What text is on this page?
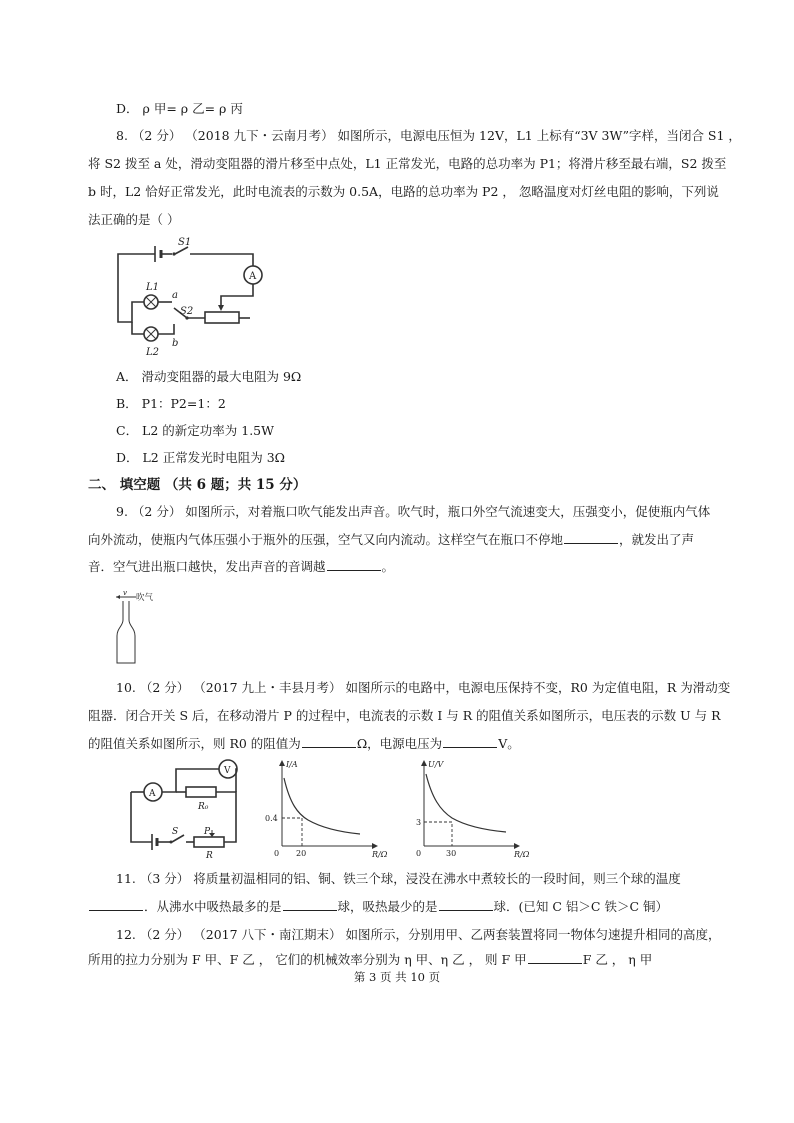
D． ρ 甲= ρ 乙= ρ 丙
8. （2 分） （2018 九下・云南月考） 如图所示，电源电压恒为 12V，L1 上标有“3V 3W”字样，当闭合 S1 ，
将 S2 拨至 a 处，滑动变阻器的滑片移至中点处，L1 正常发光，电路的总功率为 P1；将滑片移至最右端，S2 拨至
b 时，L2 恰好正常发光，此时电流表的示数为 0.5A，电路的总功率为 P2 ， 忽略温度对灯丝电阻的影响，下列说
法正确的是（ ）
S1
A
S2
L1
a
b
L2
A． 滑动变阻器的最大电阻为 9Ω
B． P1：P2=1：2
C． L2 的新定功率为 1.5W
D． L2 正常发光时电阻为 3Ω
二、 填空题 （共 6 题；共 15 分）
9. （2 分） 如图所示，对着瓶口吹气能发出声音。吹气时，瓶口外空气流速变大，压强变小，促使瓶内气体
向外流动，使瓶内气体压强小于瓶外的压强，空气又向内流动。这样空气在瓶口不停地	，就发出了声
音．空气进出瓶口越快，发出声音的音调越	。
v 吹气
10. （2 分） （2017 九上・丰县月考） 如图所示的电路中，电源电压保持不变，R0 为定值电阻，R 为滑动变
阻器．闭合开关 S 后，在移动滑片 P 的过程中，电流表的示数 I 与 R 的阻值关系如图所示，电压表的示数 U 与 R
的阻值关系如图所示，则 R0 的阻值为	Ω，电源电压为	V。
A
V
R₀
S	P
R
I/A
R/Ω
0
0.4
20
U/V
R/Ω
0
3
30
11. （3 分） 将质量初温相同的铝、铜、铁三个球，浸没在沸水中煮较长的一段时间，则三个球的温度
．从沸水中吸热最多的是	球，吸热最少的是	球．(已知 C 铝＞C 铁＞C 铜）
12. （2 分） （2017 八下・南江期末） 如图所示，分别用甲、乙两套装置将同一物体匀速提升相同的高度，
所用的拉力分别为 F 甲、F 乙 ， 它们的机械效率分别为 η 甲、η 乙 ， 则 F 甲	F 乙 ， η 甲
第 3 页 共 10 页
